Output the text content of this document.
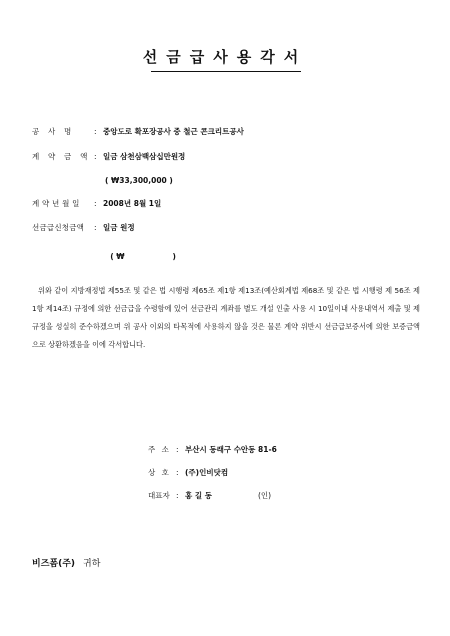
선금급사용각서
공 사 명	: 중앙도로 확포장공사 중 철근 콘크리트공사
계 약 금 액 : 일금 삼천삼백삼십만원정
( ₩33,300,000 )
계 약 년 월 일 : 2008년 8월 1일
선금급신청금액 : 일금 원정

( ₩	)

위와 같이 지방재정법 제55조 및 같은 법 시행령 제65조 제1항 제13조(예산회계법 제68조 및 같은 법 시행령 제 56조 제1항 제14조) 규정에 의한 선금급을 수령함에 있어 선금관리 계좌를 별도 개설 인출 사용 시 10일이내 사용내역서 제출 및 제 규정을 성실히 준수하겠으며 위 공사 이외의 타목적에 사용하지 않을 것은 물론 계약 위반시 선금급보증서에 의한 보증금액으로 상환하겠음을 이에 각서합니다.

주 소 : 부산시 동래구 수안동 81-6
상 호 : (주)인비닷컴
대표자 : 홍 길 동	(인)
비즈폼(주) 귀하
